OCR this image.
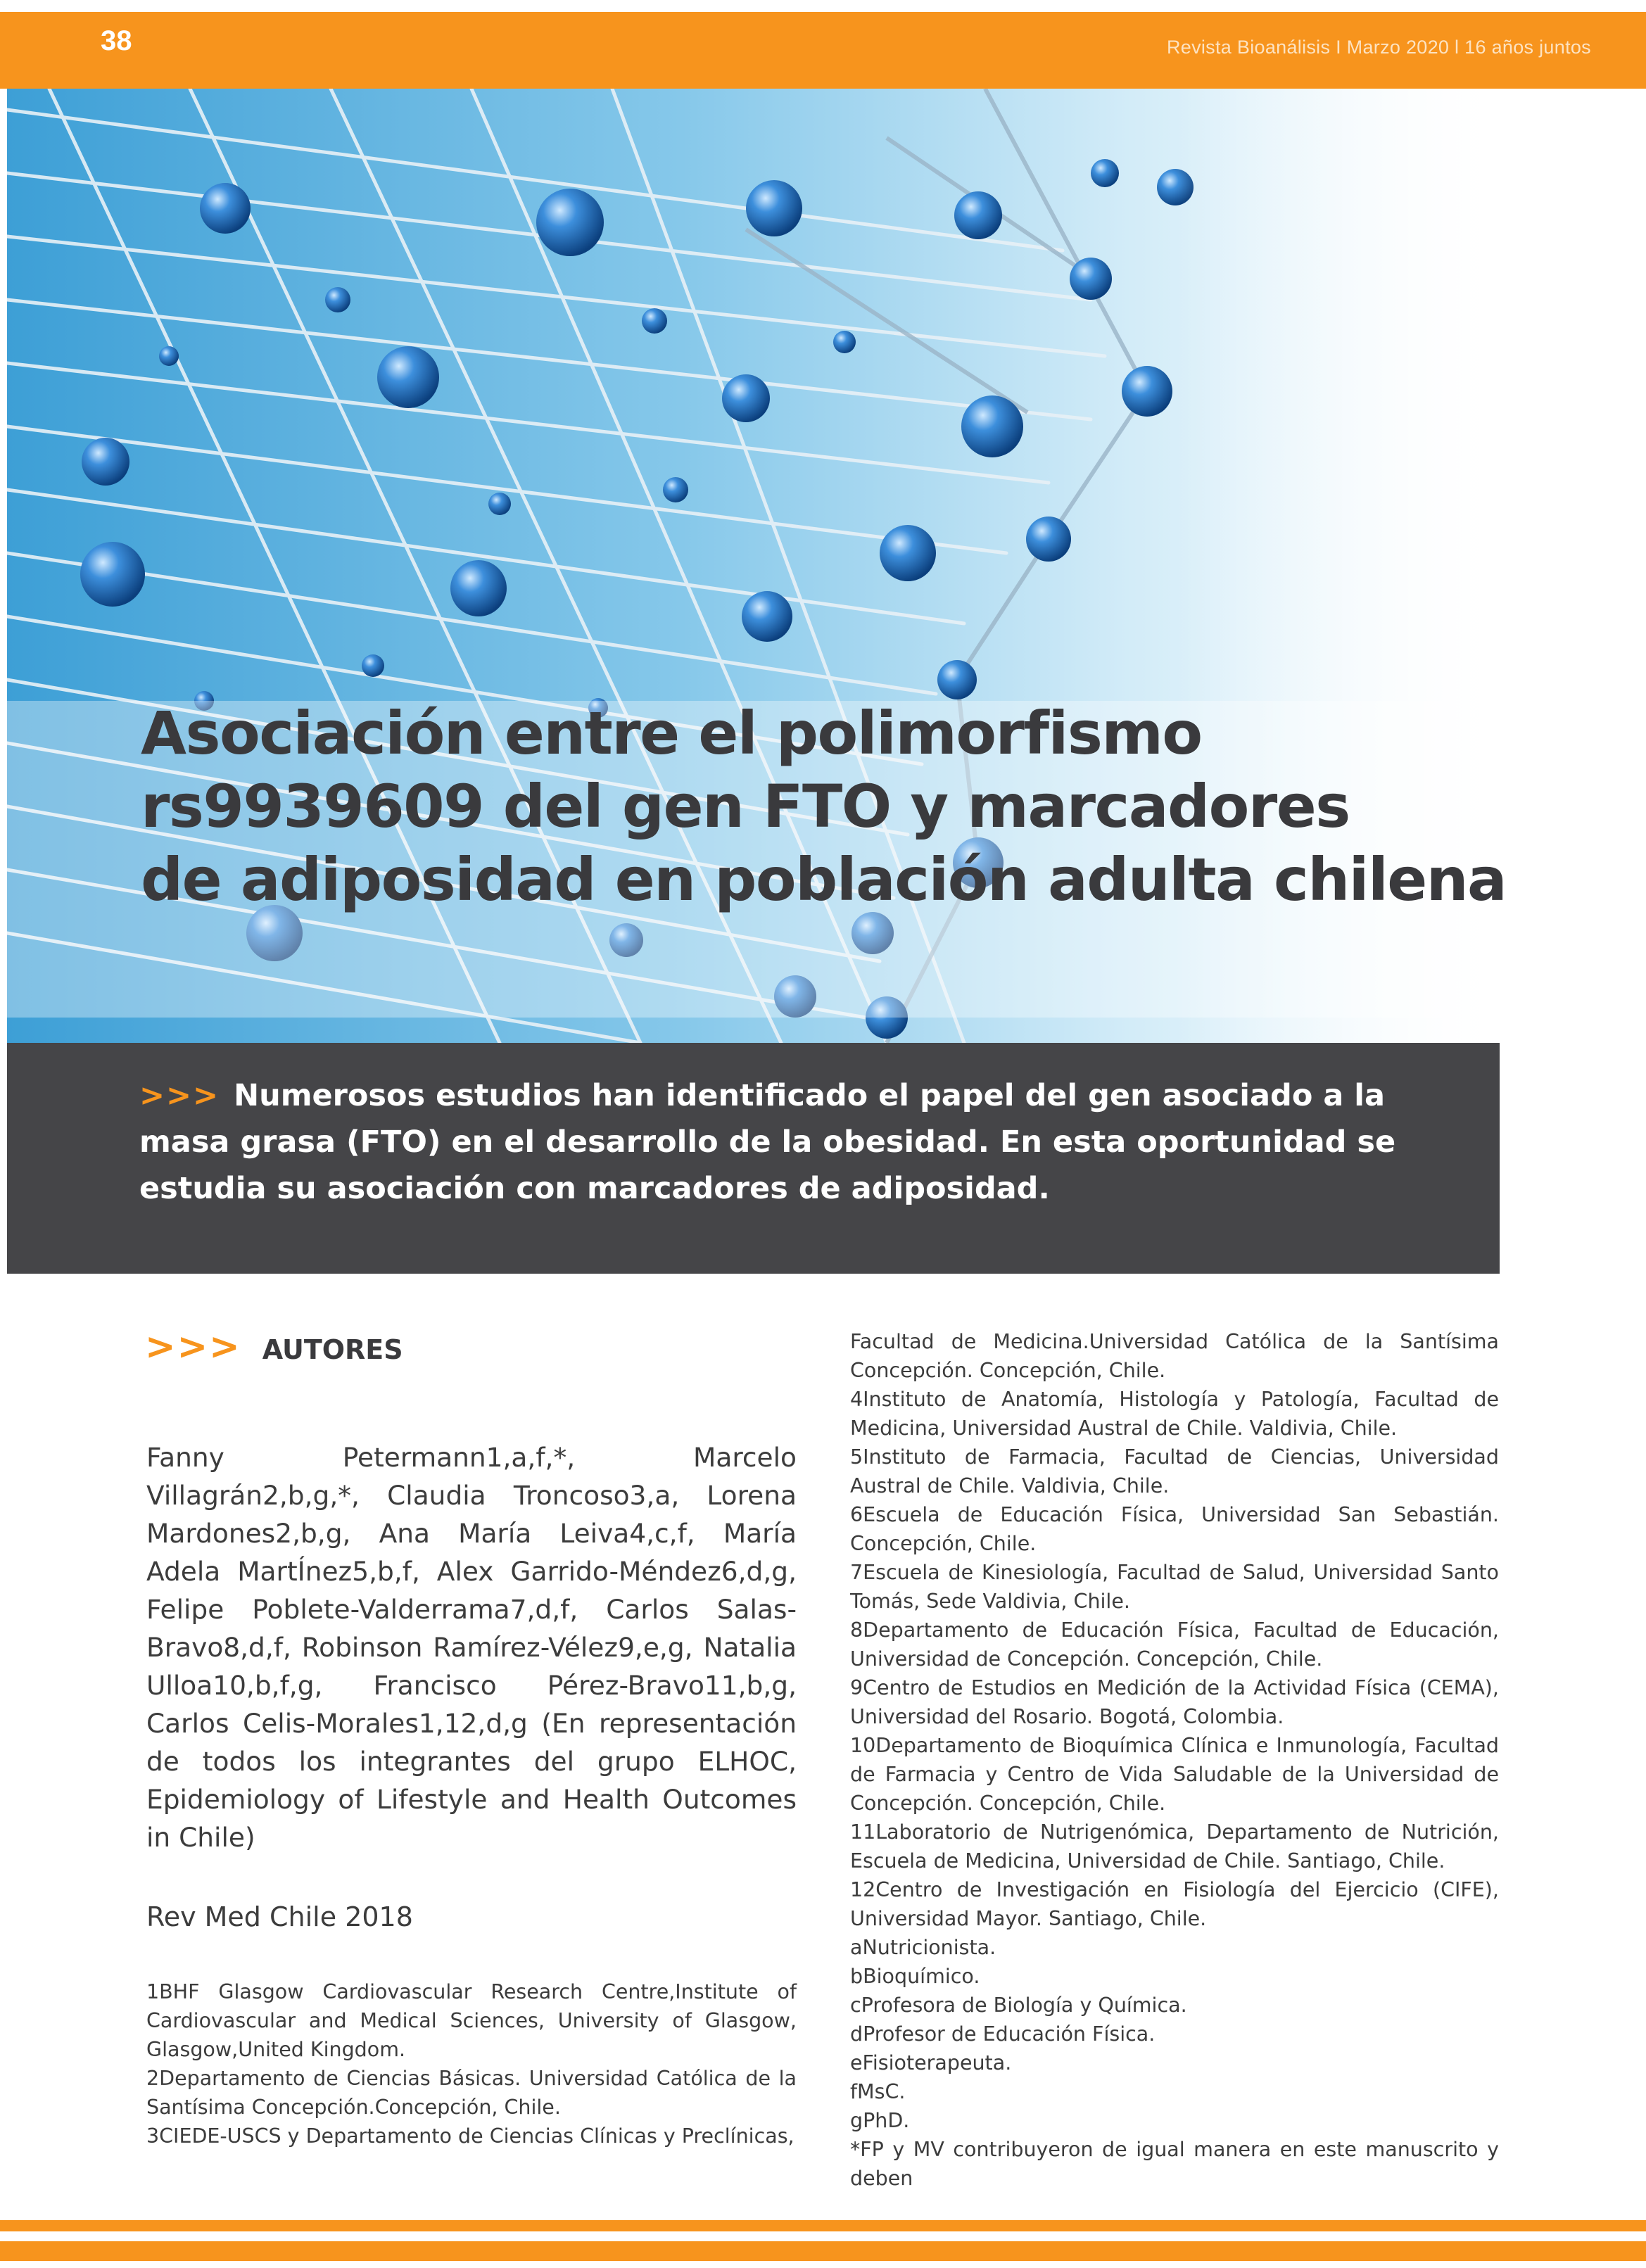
38	Revista Bioanálisis I Marzo 2020 l 16 años juntos
Asociación entre el polimorfismo
rs9939609 del gen FTO y marcadores
de adiposidad en población adulta chilena
>>> Numerosos estudios han identificado el papel del gen asociado a la masa grasa (FTO) en el desarrollo de la obesidad. En esta oportunidad se estudia su asociación con marcadores de adiposidad.
>>> AUTORES
Fanny Petermann1,a,f,*, Marcelo Villagrán2,b,g,*, Claudia Troncoso3,a, Lorena Mardones2,b,g, Ana María Leiva4,c,f, María Adela MartÍnez5,b,f, Alex Garrido-Méndez6,d,g, Felipe Poblete-Valderrama7,d,f, Carlos Salas-Bravo8,d,f, Robinson Ramírez-Vélez9,e,g, Natalia Ulloa10,b,f,g, Francisco Pérez-Bravo11,b,g, Carlos Celis-Morales1,12,d,g (En representación de todos los integrantes del grupo ELHOC, Epidemiology of Lifestyle and Health Outcomes in Chile)
Rev Med Chile 2018

1BHF Glasgow Cardiovascular Research Centre,Institute of Cardiovascular and Medical Sciences, University of Glasgow, Glasgow,United Kingdom.

2Departamento de Ciencias Básicas. Universidad Católica de la Santísima Concepción.Concepción, Chile.

3CIEDE-USCS y Departamento de Ciencias Clínicas y Preclínicas,

Facultad de Medicina.Universidad Católica de la Santísima Concepción. Concepción, Chile.

4Instituto de Anatomía, Histología y Patología, Facultad de Medicina, Universidad Austral de Chile. Valdivia, Chile.

5Instituto de Farmacia, Facultad de Ciencias, Universidad Austral de Chile. Valdivia, Chile.

6Escuela de Educación Física, Universidad San Sebastián. Concepción, Chile.

7Escuela de Kinesiología, Facultad de Salud, Universidad Santo Tomás, Sede Valdivia, Chile.

8Departamento de Educación Física, Facultad de Educación, Universidad de Concepción. Concepción, Chile.

9Centro de Estudios en Medición de la Actividad Física (CEMA), Universidad del Rosario. Bogotá, Colombia.

10Departamento de Bioquímica Clínica e Inmunología, Facultad de Farmacia y Centro de Vida Saludable de la Universidad de Concepción. Concepción, Chile.

11Laboratorio de Nutrigenómica, Departamento de Nutrición, Escuela de Medicina, Universidad de Chile. Santiago, Chile.

12Centro de Investigación en Fisiología del Ejercicio (CIFE), Universidad Mayor. Santiago, Chile.

aNutricionista.

bBioquímico.

cProfesora de Biología y Química.

dProfesor de Educación Física.

eFisioterapeuta.

fMsC.

gPhD.

*FP y MV contribuyeron de igual manera en este manuscrito y deben
